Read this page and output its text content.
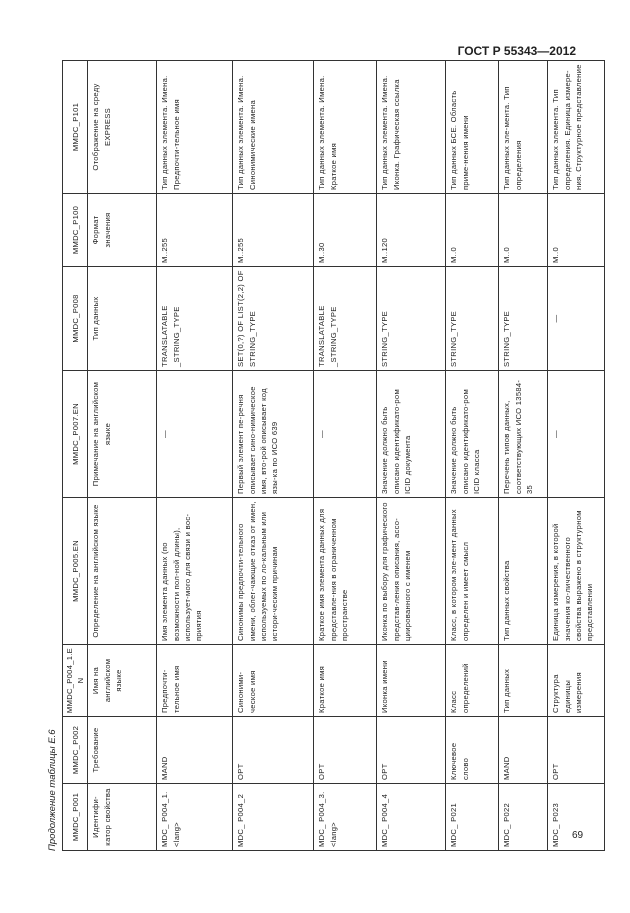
ГОСТ Р 55343—2012
Продолжение таблицы Е.6	MMDC_P001	MMDC_P002	MMDC_P004_1.EN	MMDC_P005.EN	MMDC_P007.EN	MMDC_P008	MMDC_P100	MMDC_P101
Идентифи-катор свойства	Требование	Имя на английском языке	Определение на английском языке	Примечание на английском языке	Тип данных	Формат значения	Отображение на среду EXPRESS
MDC_ P004_1. <lang>	MAND	Предпочти-тельное имя	Имя элемента данных (по возможности пол-ной длины), использует-мого для связи и вос-приятия	—	TRANSLATABLE _STRING_TYPE	M..255	Тип данных элемента. Имена. Предпочти-тельное имя
MDC_ P004_2	OPT	Синоними-ческое имя	Синонимы предпочти-тельного имени, облег-чающие отказ от имен, используемых по ло-кальным или истори-ческим причинам	Первый элемент пе-речня описывает сино-нимическое имя, вто-рой описывает код язы-ка по ИСО 639	SET(0,?) OF LIST(2,2) OF STRING_TYPE	M..255	Тип данных элемента. Имена. Синонимические имена
MDC_ P004_3. <lang>	OPT	Краткое имя	Краткое имя элемента данных для представле-ния в ограниченном пространстве	—	TRANSLATABLE _STRING_TYPE	M..30	Тип данных элемента. Имена. Краткое имя
MDC_ P004_4	OPT	Иконка имени	Иконка по выбору для графического представ-ления описания, ассо-циированного с именем	Значение должно быть описано идентификато-ром ICID документа	STRING_TYPE	M..120	Тип данных элемента. Имена. Иконка. Графическая ссылка
MDC_ P021	Ключевое слово	Класс определений	Класс, в котором эле-мент данных определен и имеет смысл	Значение должно быть описано идентификато-ром ICID класса	STRING_TYPE	M..0	Тип данных БСЕ. Область приме-нения имени
MDC_ P022	MAND	Тип данных	Тип данных свойства	Перечень типов данных, соответствующих ИСО 13584-35	STRING_TYPE	M..0	Тип данных эле-мента. Тип определения
MDC_ P023	OPT	Структура единицы измерения	Единица измерения, в которой значения ко-личественного свойства выражено в структурном представлении	—	—	M..0	Тип данных элемента. Тип определения. Единица измере-ния. Структурное представление
69
